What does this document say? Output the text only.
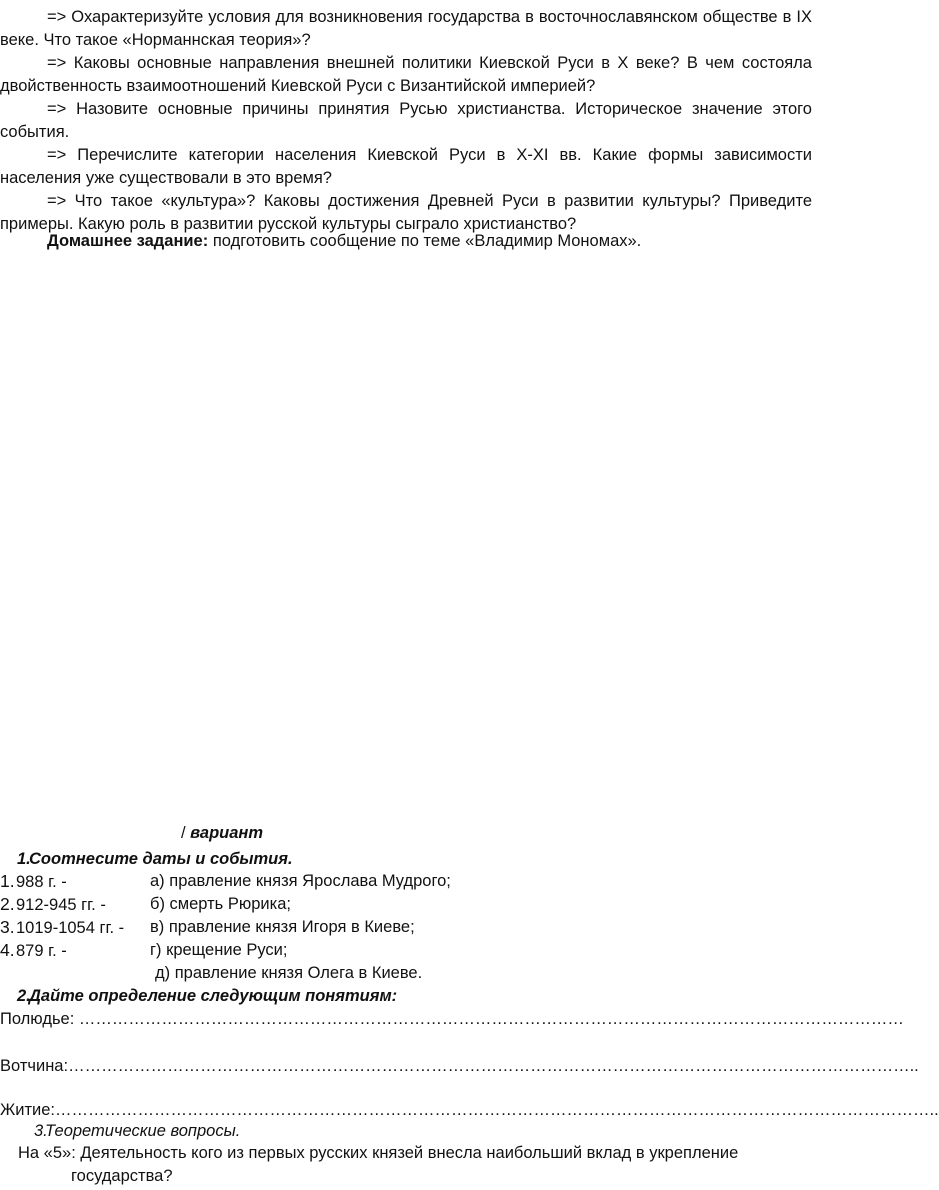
=> Охарактеризуйте условия для возникновения государства в восточнославянском обществе в IX веке. Что такое «Норманнская теория»?

=> Каковы основные направления внешней политики Киевской Руси в X веке? В чем состояла двойственность взаимоотношений Киевской Руси с Византийской империей?

=> Назовите основные причины принятия Русью христианства. Историческое значение этого события.

=> Перечислите категории населения Киевской Руси в X-XI вв. Какие формы зависимости населения уже существовали в это время?

=> Что такое «культура»? Каковы достижения Древней Руси в развитии культуры? Приведите примеры. Какую роль в развитии русской культуры сыграло христианство?

Домашнее задание: подготовить сообщение по теме «Владимир Мономах».

/ вариант
1.Соотнесите даты и события.
1.988 г. -	а) правление князя Ярослава Мудрого;
2.912-945 гг. -	б) смерть Рюрика;
3.1019-1054 гг. - в) правление князя Игоря в Киеве;
4.879 г. -	г) крещение Руси;
д) правление князя Олега в Киеве.
2.Дайте определение следующим понятиям:
Полюдье: ……………………………………………………………………………………………………………………………………
Вотчина:………………………………………………………………………………………………………………………………………..
Житие:……………………………………………………………………………………………………………………………………………..
3.Теоретические вопросы.

На «5»: Деятельность кого из первых русских князей внесла наибольший вклад в укрепление
государства?
